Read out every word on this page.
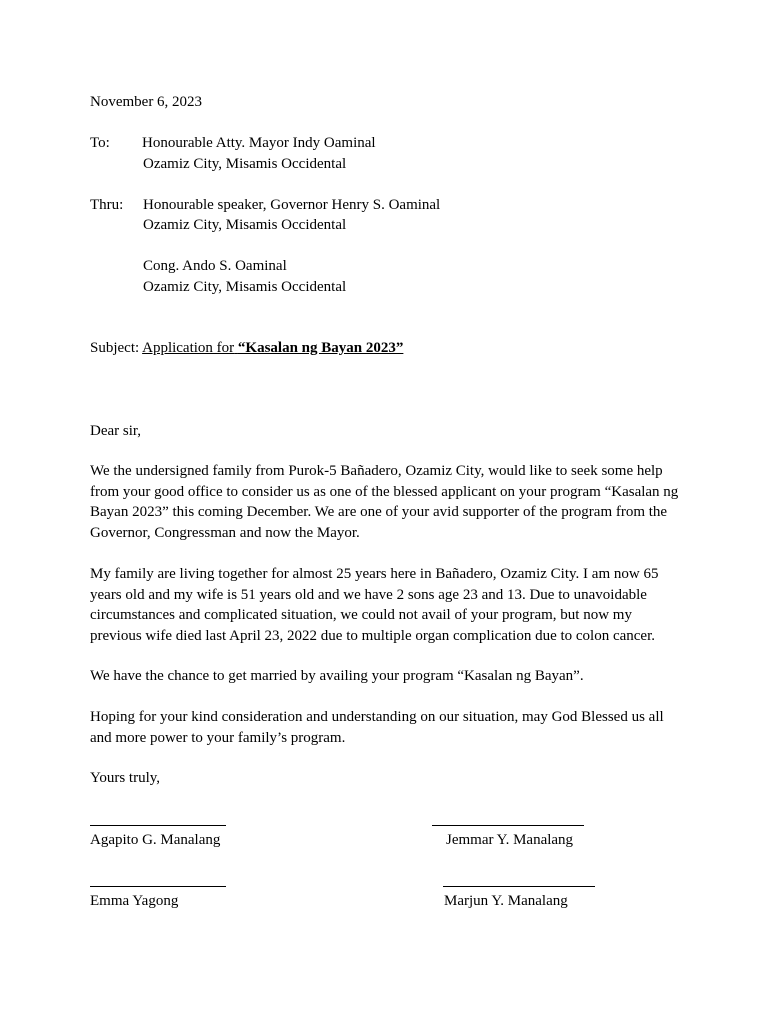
November 6, 2023
To: Honourable Atty. Mayor Indy Oaminal
Ozamiz City, Misamis Occidental
Thru: Honourable speaker, Governor Henry S. Oaminal
Ozamiz City, Misamis Occidental
Cong. Ando S. Oaminal
Ozamiz City, Misamis Occidental
Subject: Application for “Kasalan ng Bayan 2023”
Dear sir,
We the undersigned family from Purok-5 Bañadero, Ozamiz City, would like to seek some help from your good office to consider us as one of the blessed applicant on your program “Kasalan ng Bayan 2023” this coming December. We are one of your avid supporter of the program from the Governor, Congressman and now the Mayor.
My family are living together for almost 25 years here in Bañadero, Ozamiz City. I am now 65 years old and my wife is 51 years old and we have 2 sons age 23 and 13. Due to unavoidable circumstances and complicated situation, we could not avail of your program, but now my previous wife died last April 23, 2022 due to multiple organ complication due to colon cancer.
We have the chance to get married by availing your program “Kasalan ng Bayan”.
Hoping for your kind consideration and understanding on our situation, may God Blessed us all and more power to your family’s program.
Yours truly,
Agapito G. Manalang	Jemmar Y. Manalang
Emma Yagong	Marjun Y. Manalang
